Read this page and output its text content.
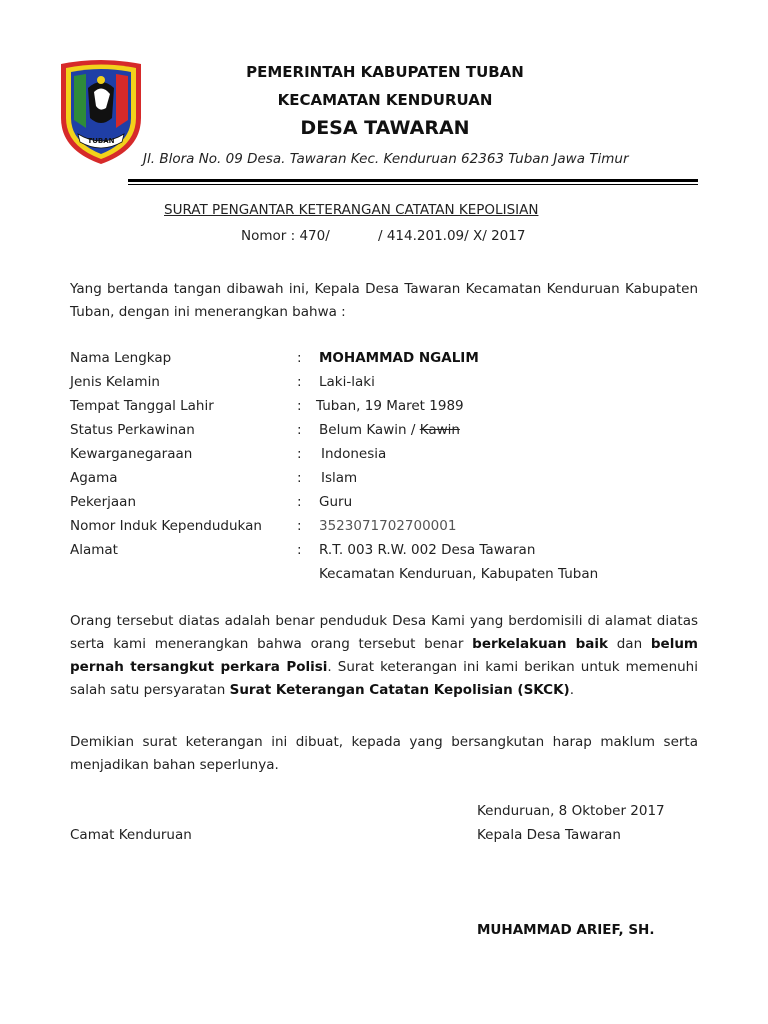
TUBAN
PEMERINTAH KABUPATEN TUBAN
KECAMATAN KENDURUAN
DESA TAWARAN
Jl. Blora No. 09 Desa. Tawaran Kec. Kenduruan 62363 Tuban Jawa Timur
SURAT PENGANTAR KETERANGAN CATATAN KEPOLISIAN
Nomor : 470/	/ 414.201.09/ X/ 2017
Yang bertanda tangan dibawah ini, Kepala Desa Tawaran Kecamatan Kenduruan Kabupaten Tuban, dengan ini menerangkan bahwa :
Nama Lengkap	: MOHAMMAD NGALIM
Jenis Kelamin	: Laki-laki
Tempat Tanggal Lahir	: Tuban, 19 Maret 1989
Status Perkawinan	: Belum Kawin / Kawin
Kewarganegaraan	: Indonesia
Agama	: Islam
Pekerjaan	: Guru
Nomor Induk Kependudukan	: 3523071702700001
Alamat	: R.T. 003 R.W. 002 Desa Tawaran
Kecamatan Kenduruan, Kabupaten Tuban
Orang tersebut diatas adalah benar penduduk Desa Kami yang berdomisili di alamat diatas serta kami menerangkan bahwa orang tersebut benar berkelakuan baik dan belum pernah tersangkut perkara Polisi. Surat keterangan ini kami berikan untuk memenuhi salah satu persyaratan Surat Keterangan Catatan Kepolisian (SKCK).
Demikian surat keterangan ini dibuat, kepada yang bersangkutan harap maklum serta menjadikan bahan seperlunya.
Kenduruan, 8 Oktober 2017
Camat Kenduruan	Kepala Desa Tawaran
MUHAMMAD ARIEF, SH.
